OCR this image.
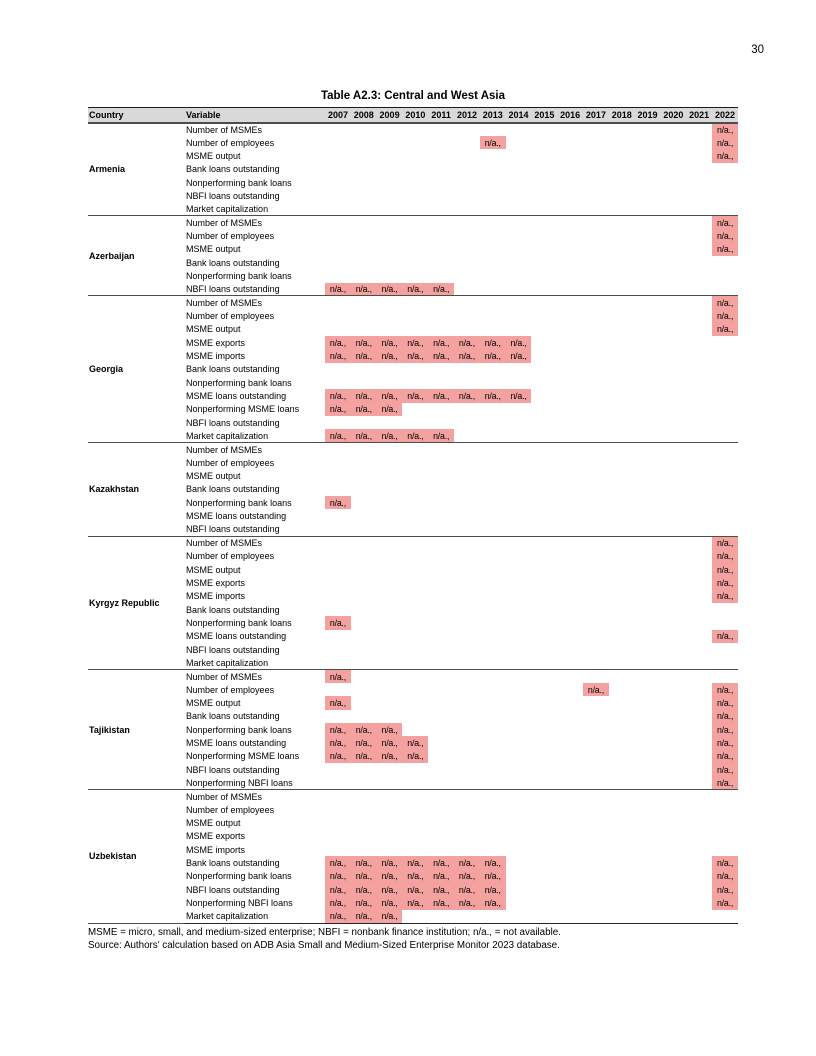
30
Table A2.3: Central and West Asia
Country	Variable	2007	2008	2009	2010	2011	2012	2013	2014	2015	2016	2017	2018	2019	2020	2021	2022
Armenia	Number of MSMEs																n/a.,
	Number of employees							n/a.,									n/a.,
	MSME output																n/a.,
	Bank loans outstanding																
	Nonperforming bank loans																
	NBFI loans outstanding																
	Market capitalization																
Azerbaijan	Number of MSMEs																n/a.,
	Number of employees																n/a.,
	MSME output																n/a.,
	Bank loans outstanding																
	Nonperforming bank loans																
	NBFI loans outstanding	n/a.,	n/a.,	n/a.,	n/a.,	n/a.,											
Georgia	Number of MSMEs																n/a.,
	Number of employees																n/a.,
	MSME output																n/a.,
	MSME exports	n/a.,	n/a.,	n/a.,	n/a.,	n/a.,	n/a.,	n/a.,	n/a.,								
	MSME imports	n/a.,	n/a.,	n/a.,	n/a.,	n/a.,	n/a.,	n/a.,	n/a.,								
	Bank loans outstanding																
	Nonperforming bank loans																
	MSME loans outstanding	n/a.,	n/a.,	n/a.,	n/a.,	n/a.,	n/a.,	n/a.,	n/a.,								
	Nonperforming MSME loans	n/a.,	n/a.,	n/a.,													
	NBFI loans outstanding																
	Market capitalization	n/a.,	n/a.,	n/a.,	n/a.,	n/a.,											
Kazakhstan	Number of MSMEs																
	Number of employees																
	MSME output																
	Bank loans outstanding																
	Nonperforming bank loans	n/a.,															
	MSME loans outstanding																
	NBFI loans outstanding																
Kyrgyz Republic	Number of MSMEs																n/a.,
	Number of employees																n/a.,
	MSME output																n/a.,
	MSME exports																n/a.,
	MSME imports																n/a.,
	Bank loans outstanding																
	Nonperforming bank loans	n/a.,															
	MSME loans outstanding																n/a.,
	NBFI loans outstanding																
	Market capitalization																
Tajikistan	Number of MSMEs	n/a.,															
	Number of employees											n/a.,					n/a.,
	MSME output	n/a.,															n/a.,
	Bank loans outstanding																n/a.,
	Nonperforming bank loans	n/a.,	n/a.,	n/a.,													n/a.,
	MSME loans outstanding	n/a.,	n/a.,	n/a.,	n/a.,												n/a.,
	Nonperforming MSME loans	n/a.,	n/a.,	n/a.,	n/a.,												n/a.,
	NBFI loans outstanding																n/a.,
	Nonperforming NBFI loans																n/a.,
Uzbekistan	Number of MSMEs																
	Number of employees																
	MSME output																
	MSME exports																
	MSME imports																
	Bank loans outstanding	n/a.,	n/a.,	n/a.,	n/a.,	n/a.,	n/a.,	n/a.,									n/a.,
	Nonperforming bank loans	n/a.,	n/a.,	n/a.,	n/a.,	n/a.,	n/a.,	n/a.,									n/a.,
	NBFI loans outstanding	n/a.,	n/a.,	n/a.,	n/a.,	n/a.,	n/a.,	n/a.,									n/a.,
	Nonperforming NBFI loans	n/a.,	n/a.,	n/a.,	n/a.,	n/a.,	n/a.,	n/a.,									n/a.,
	Market capitalization	n/a.,	n/a.,	n/a.,													
MSME = micro, small, and medium-sized enterprise; NBFI = nonbank finance institution; n/a., = not available.
Source: Authors' calculation based on ADB Asia Small and Medium-Sized Enterprise Monitor 2023 database.
